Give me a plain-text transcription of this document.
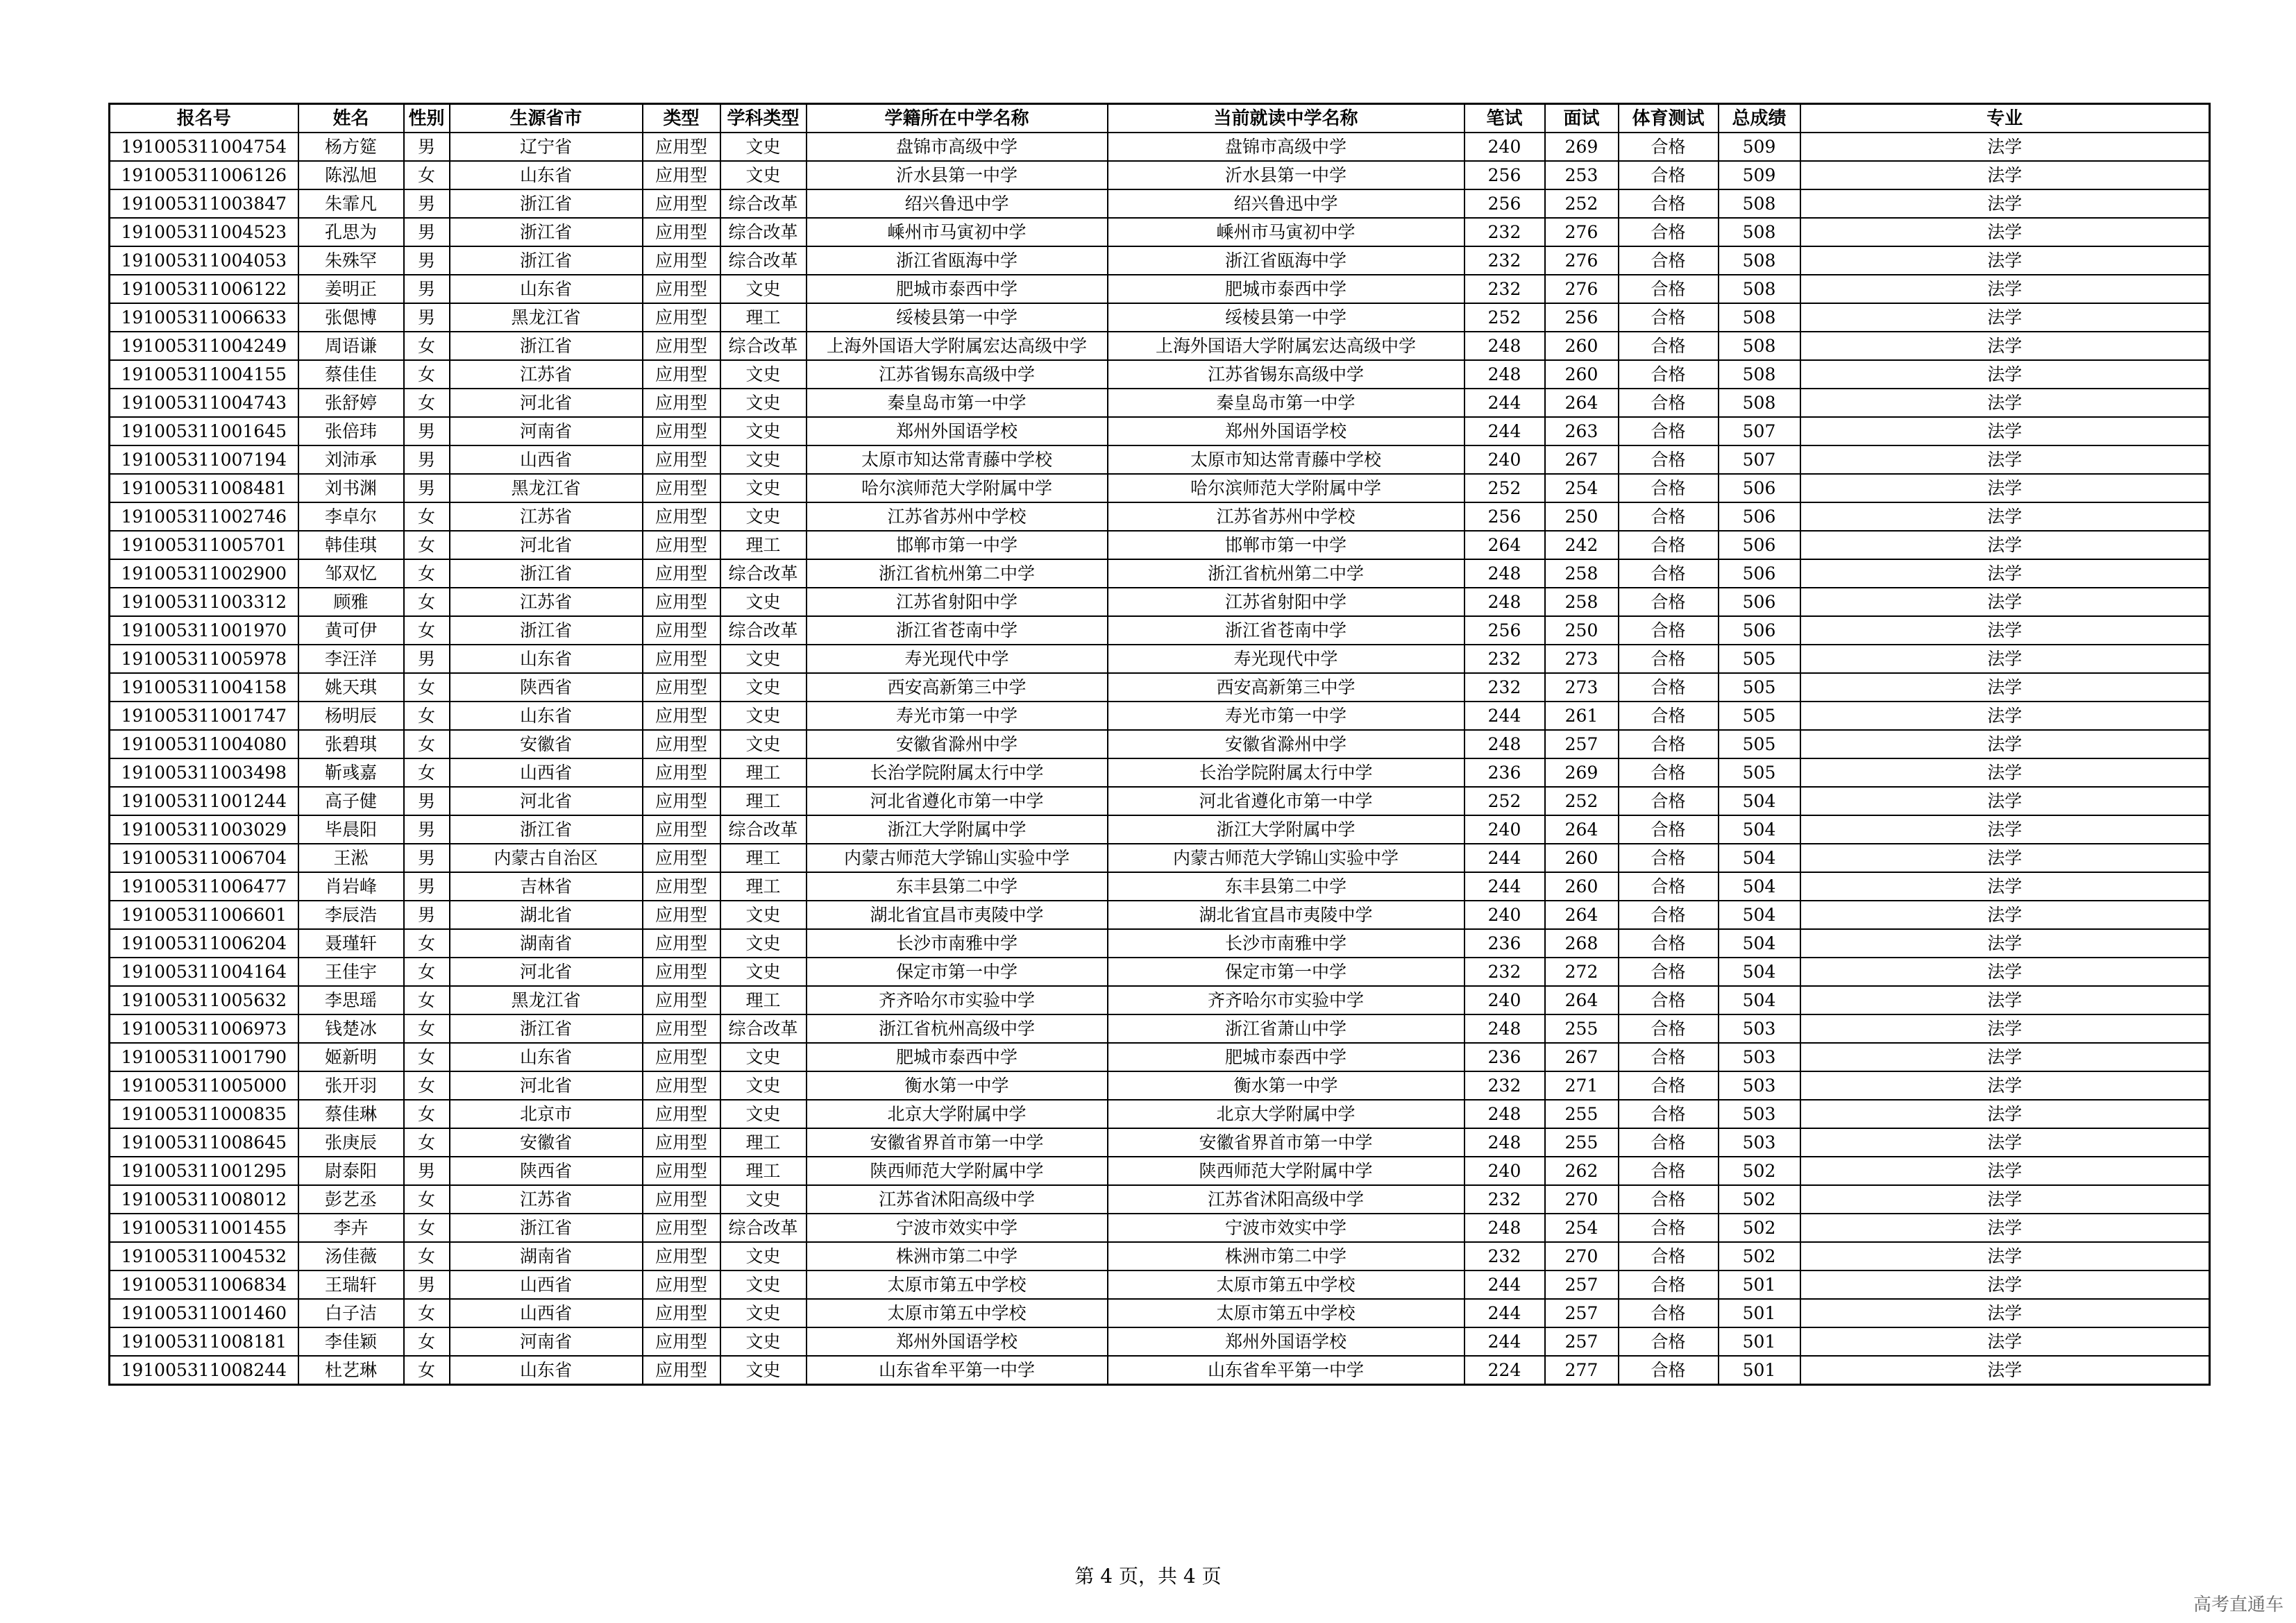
报名号	姓名	性别	生源省市	类型	学科类型	学籍所在中学名称	当前就读中学名称	笔试	面试	体育测试	总成绩	专业
191005311004754	杨方筵	男	辽宁省	应用型	文史	盘锦市高级中学	盘锦市高级中学	240	269	合格	509	法学
191005311006126	陈泓旭	女	山东省	应用型	文史	沂水县第一中学	沂水县第一中学	256	253	合格	509	法学
191005311003847	朱霏凡	男	浙江省	应用型	综合改革	绍兴鲁迅中学	绍兴鲁迅中学	256	252	合格	508	法学
191005311004523	孔思为	男	浙江省	应用型	综合改革	嵊州市马寅初中学	嵊州市马寅初中学	232	276	合格	508	法学
191005311004053	朱殊罕	男	浙江省	应用型	综合改革	浙江省瓯海中学	浙江省瓯海中学	232	276	合格	508	法学
191005311006122	姜明正	男	山东省	应用型	文史	肥城市泰西中学	肥城市泰西中学	232	276	合格	508	法学
191005311006633	张偲博	男	黑龙江省	应用型	理工	绥棱县第一中学	绥棱县第一中学	252	256	合格	508	法学
191005311004249	周语谦	女	浙江省	应用型	综合改革	上海外国语大学附属宏达高级中学	上海外国语大学附属宏达高级中学	248	260	合格	508	法学
191005311004155	蔡佳佳	女	江苏省	应用型	文史	江苏省锡东高级中学	江苏省锡东高级中学	248	260	合格	508	法学
191005311004743	张舒婷	女	河北省	应用型	文史	秦皇岛市第一中学	秦皇岛市第一中学	244	264	合格	508	法学
191005311001645	张倍玮	男	河南省	应用型	文史	郑州外国语学校	郑州外国语学校	244	263	合格	507	法学
191005311007194	刘沛承	男	山西省	应用型	文史	太原市知达常青藤中学校	太原市知达常青藤中学校	240	267	合格	507	法学
191005311008481	刘书渊	男	黑龙江省	应用型	文史	哈尔滨师范大学附属中学	哈尔滨师范大学附属中学	252	254	合格	506	法学
191005311002746	李卓尔	女	江苏省	应用型	文史	江苏省苏州中学校	江苏省苏州中学校	256	250	合格	506	法学
191005311005701	韩佳琪	女	河北省	应用型	理工	邯郸市第一中学	邯郸市第一中学	264	242	合格	506	法学
191005311002900	邹双忆	女	浙江省	应用型	综合改革	浙江省杭州第二中学	浙江省杭州第二中学	248	258	合格	506	法学
191005311003312	顾雅	女	江苏省	应用型	文史	江苏省射阳中学	江苏省射阳中学	248	258	合格	506	法学
191005311001970	黄可伊	女	浙江省	应用型	综合改革	浙江省苍南中学	浙江省苍南中学	256	250	合格	506	法学
191005311005978	李汪洋	男	山东省	应用型	文史	寿光现代中学	寿光现代中学	232	273	合格	505	法学
191005311004158	姚天琪	女	陕西省	应用型	文史	西安高新第三中学	西安高新第三中学	232	273	合格	505	法学
191005311001747	杨明辰	女	山东省	应用型	文史	寿光市第一中学	寿光市第一中学	244	261	合格	505	法学
191005311004080	张碧琪	女	安徽省	应用型	文史	安徽省滁州中学	安徽省滁州中学	248	257	合格	505	法学
191005311003498	靳彧嘉	女	山西省	应用型	理工	长治学院附属太行中学	长治学院附属太行中学	236	269	合格	505	法学
191005311001244	高子健	男	河北省	应用型	理工	河北省遵化市第一中学	河北省遵化市第一中学	252	252	合格	504	法学
191005311003029	毕晨阳	男	浙江省	应用型	综合改革	浙江大学附属中学	浙江大学附属中学	240	264	合格	504	法学
191005311006704	王淞	男	内蒙古自治区	应用型	理工	内蒙古师范大学锦山实验中学	内蒙古师范大学锦山实验中学	244	260	合格	504	法学
191005311006477	肖岩峰	男	吉林省	应用型	理工	东丰县第二中学	东丰县第二中学	244	260	合格	504	法学
191005311006601	李辰浩	男	湖北省	应用型	文史	湖北省宜昌市夷陵中学	湖北省宜昌市夷陵中学	240	264	合格	504	法学
191005311006204	聂瑾轩	女	湖南省	应用型	文史	长沙市南雅中学	长沙市南雅中学	236	268	合格	504	法学
191005311004164	王佳宇	女	河北省	应用型	文史	保定市第一中学	保定市第一中学	232	272	合格	504	法学
191005311005632	李思瑶	女	黑龙江省	应用型	理工	齐齐哈尔市实验中学	齐齐哈尔市实验中学	240	264	合格	504	法学
191005311006973	钱楚冰	女	浙江省	应用型	综合改革	浙江省杭州高级中学	浙江省萧山中学	248	255	合格	503	法学
191005311001790	姬新明	女	山东省	应用型	文史	肥城市泰西中学	肥城市泰西中学	236	267	合格	503	法学
191005311005000	张开羽	女	河北省	应用型	文史	衡水第一中学	衡水第一中学	232	271	合格	503	法学
191005311000835	蔡佳琳	女	北京市	应用型	文史	北京大学附属中学	北京大学附属中学	248	255	合格	503	法学
191005311008645	张庚辰	女	安徽省	应用型	理工	安徽省界首市第一中学	安徽省界首市第一中学	248	255	合格	503	法学
191005311001295	尉泰阳	男	陕西省	应用型	理工	陕西师范大学附属中学	陕西师范大学附属中学	240	262	合格	502	法学
191005311008012	彭艺丞	女	江苏省	应用型	文史	江苏省沭阳高级中学	江苏省沭阳高级中学	232	270	合格	502	法学
191005311001455	李卉	女	浙江省	应用型	综合改革	宁波市效实中学	宁波市效实中学	248	254	合格	502	法学
191005311004532	汤佳薇	女	湖南省	应用型	文史	株洲市第二中学	株洲市第二中学	232	270	合格	502	法学
191005311006834	王瑞轩	男	山西省	应用型	文史	太原市第五中学校	太原市第五中学校	244	257	合格	501	法学
191005311001460	白子洁	女	山西省	应用型	文史	太原市第五中学校	太原市第五中学校	244	257	合格	501	法学
191005311008181	李佳颖	女	河南省	应用型	文史	郑州外国语学校	郑州外国语学校	244	257	合格	501	法学
191005311008244	杜艺琳	女	山东省	应用型	文史	山东省牟平第一中学	山东省牟平第一中学	224	277	合格	501	法学
第 4 页，共 4 页
高考直通车
